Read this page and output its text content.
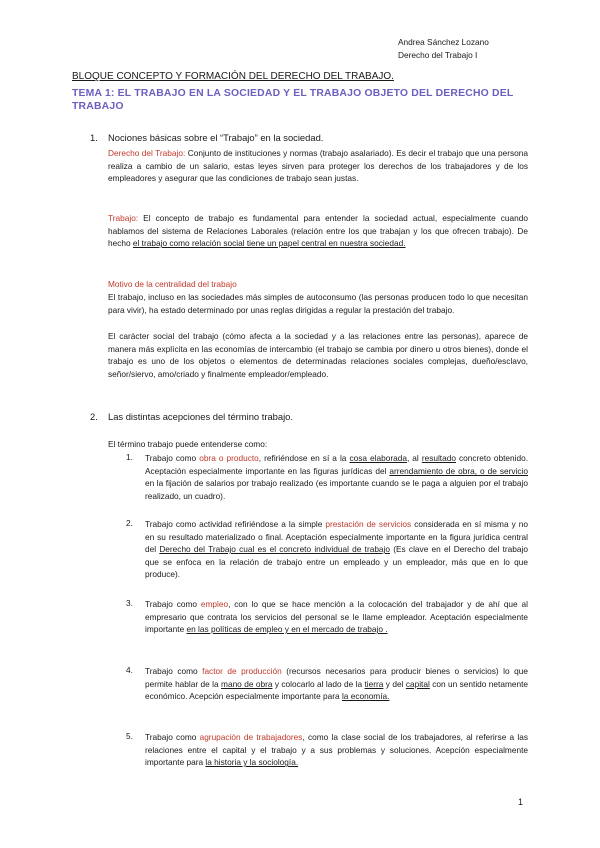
Andrea Sánchez Lozano
Derecho del Trabajo I
BLOQUE CONCEPTO Y FORMACIÓN DEL DERECHO DEL TRABAJO.
TEMA 1: EL TRABAJO EN LA SOCIEDAD Y EL TRABAJO OBJETO DEL DERECHO DEL TRABAJO
1. Nociones básicas sobre el “Trabajo” en la sociedad.
Derecho del Trabajo: Conjunto de instituciones y normas (trabajo asalariado). Es decir el trabajo que una persona realiza a cambio de un salario, estas leyes sirven para proteger los derechos de los trabajadores y de los empleadores y asegurar que las condiciones de trabajo sean justas.
Trabajo: El concepto de trabajo es fundamental para entender la sociedad actual, especialmente cuando hablamos del sistema de Relaciones Laborales (relación entre los que trabajan y los que ofrecen trabajo). De hecho el trabajo como relación social tiene un papel central en nuestra sociedad.
Motivo de la centralidad del trabajo
El trabajo, incluso en las sociedades más simples de autoconsumo (las personas producen todo lo que necesitan para vivir), ha estado determinado por unas reglas dirigidas a regular la prestación del trabajo.
El carácter social del trabajo (cómo afecta a la sociedad y a las relaciones entre las personas), aparece de manera más explícita en las economías de intercambio (el trabajo se cambia por dinero u otros bienes), donde el trabajo es uno de los objetos o elementos de determinadas relaciones sociales complejas, dueño/esclavo, señor/siervo, amo/criado y finalmente empleador/empleado.
2. Las distintas acepciones del término trabajo.
El término trabajo puede entenderse como:
1. Trabajo como obra o producto, refiriéndose en sí a la cosa elaborada, al resultado concreto obtenido. Aceptación especialmente importante en las figuras jurídicas del arrendamiento de obra, o de servicio en la fijación de salarios por trabajo realizado (es importante cuando se le paga a alguien por el trabajo realizado, un cuadro).
2. Trabajo como actividad refiriéndose a la simple prestación de servicios considerada en sí misma y no en su resultado materializado o final. Aceptación especialmente importante en la figura jurídica central del Derecho del Trabajo cual es el concreto individual de trabajo (Es clave en el Derecho del trabajo que se enfoca en la relación de trabajo entre un empleado y un empleador, más que en lo que produce).
3. Trabajo como empleo, con lo que se hace mención a la colocación del trabajador y de ahí que al empresario que contrata los servicios del personal se le llame empleador. Aceptación especialmente importante en las políticas de empleo y en el mercado de trabajo .
4. Trabajo como factor de producción (recursos necesarios para producir bienes o servicios) lo que permite hablar de la mano de obra y colocarlo al lado de la tierra y del capital con un sentido netamente económico. Acepción especialmente importante para la economía.
5. Trabajo como agrupación de trabajadores, como la clase social de los trabajadores, al referirse a las relaciones entre el capital y el trabajo y a sus problemas y soluciones. Acepción especialmente importante para la historia y la sociología.
1
